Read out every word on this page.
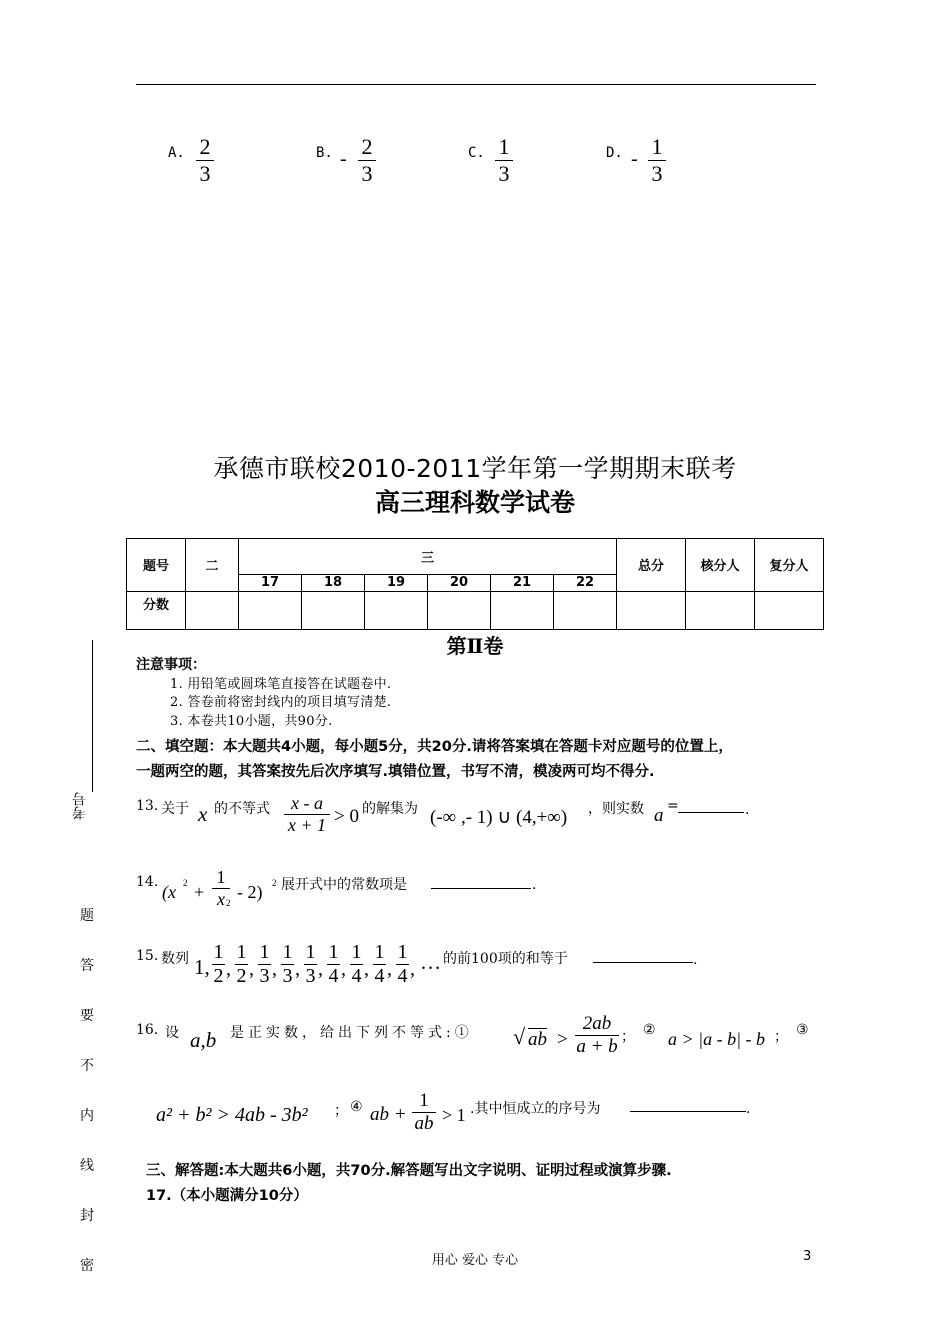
A. 2
3
B. - 2
3
C. 1
3
D. - 1
3
承德市联校2010-2011学年第一学期期末联考
高三理科数学试卷
题号	二	三						总分	核分人	复分人
		17	18	19	20	21	22			
分数										
第Ⅱ卷
注意事项：
1. 用铅笔或圆珠笔直接答在试题卷中.
2. 答卷前将密封线内的项目填写清楚.
3. 本卷共10小题，共90分.
二、填空题：本大题共4小题，每小题5分，共20分.请将答案填在答题卡对应题号的位置上，
一题两空的题，其答案按先后次序填写.填错位置，书写不清，模凌两可均不得分.
13. 关于 x 的不等式	x - a
x + 1 > 0 的解集为 (-∞ ,- 1) ∪ (4,+∞) ，则实数 a =	.
14. (x 2 +
1
x 2
- 2) 2 展开式中的常数项是	.
15. 数列 1,
1
2 ,
1
2 ,
1
3 ,
1
3 ,
1
3 ,
1
4 ,
1
4 ,
1
4 ,
1
4 , … 的前100项的和等于	.
16. 设 a,b 是正实数，给出下列不等式:① √ ab >
2ab
a + b ； ② a > |a - b| - b ； ③
a² + b² > 4ab - 3b² ； ④ ab +
1
ab > 1 .其中恒成立的序号为	.
三、解答题:本大题共6小题，共70分.解答题写出文字说明、证明过程或演算步骤.
17.（本小题满分10分）
考号
题
答
要
不
内
线
封
密	用心 爱心 专心	3
